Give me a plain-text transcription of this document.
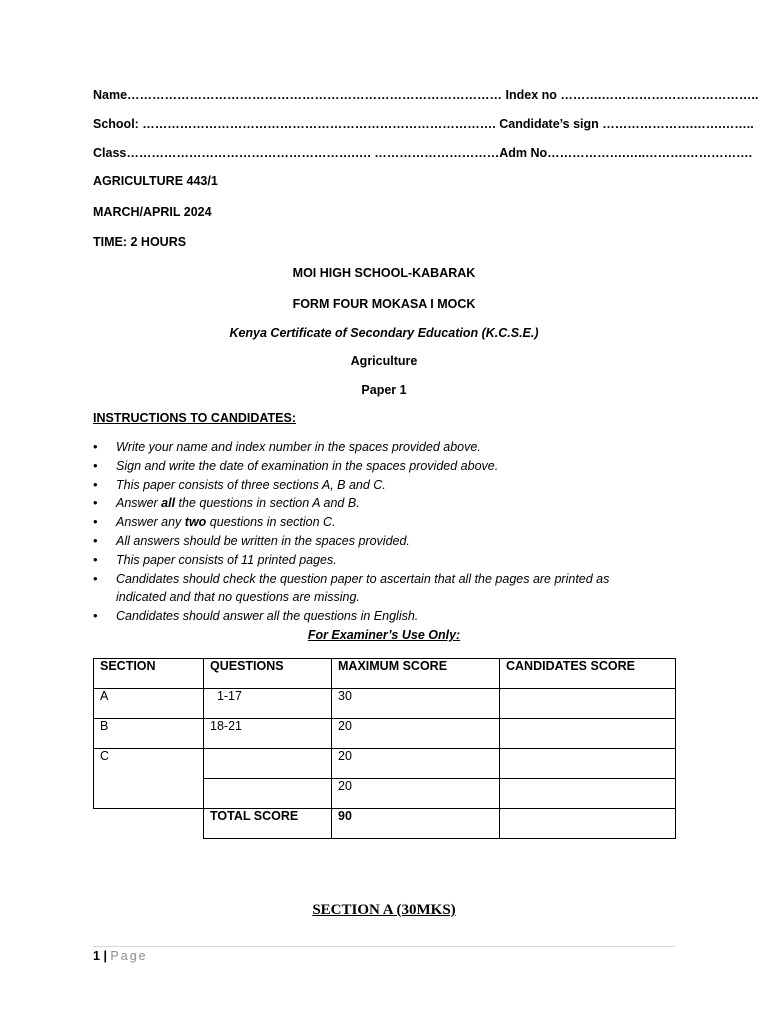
Name……………………………………………………………………………… Index no ……….………………………………..
School: …………………………………………………………………………. Candidate’s sign ………………….…….……..
Class……………………………………………….…. …………………………Adm No……………….…..……….…………….
AGRICULTURE 443/1
MARCH/APRIL 2024
TIME: 2 HOURS
MOI HIGH SCHOOL-KABARAK
FORM FOUR MOKASA I MOCK
Kenya Certificate of Secondary Education (K.C.S.E.)
Agriculture
Paper 1
INSTRUCTIONS TO CANDIDATES:
• Write your name and index number in the spaces provided above.
• Sign and write the date of examination in the spaces provided above.
• This paper consists of three sections A, B and C.
• Answer all the questions in section A and B.
• Answer any two questions in section C.
• All answers should be written in the spaces provided.
• This paper consists of 11 printed pages.
• Candidates should check the question paper to ascertain that all the pages are printed as indicated and that no questions are missing.
• Candidates should answer all the questions in English.
For Examiner’s Use Only:
SECTION	QUESTIONS	MAXIMUM SCORE	CANDIDATES SCORE
A	1-17	30	
B	18-21	20	
C		20	
		20	
	TOTAL SCORE	90	
SECTION A (30MKS)
1 | Page
